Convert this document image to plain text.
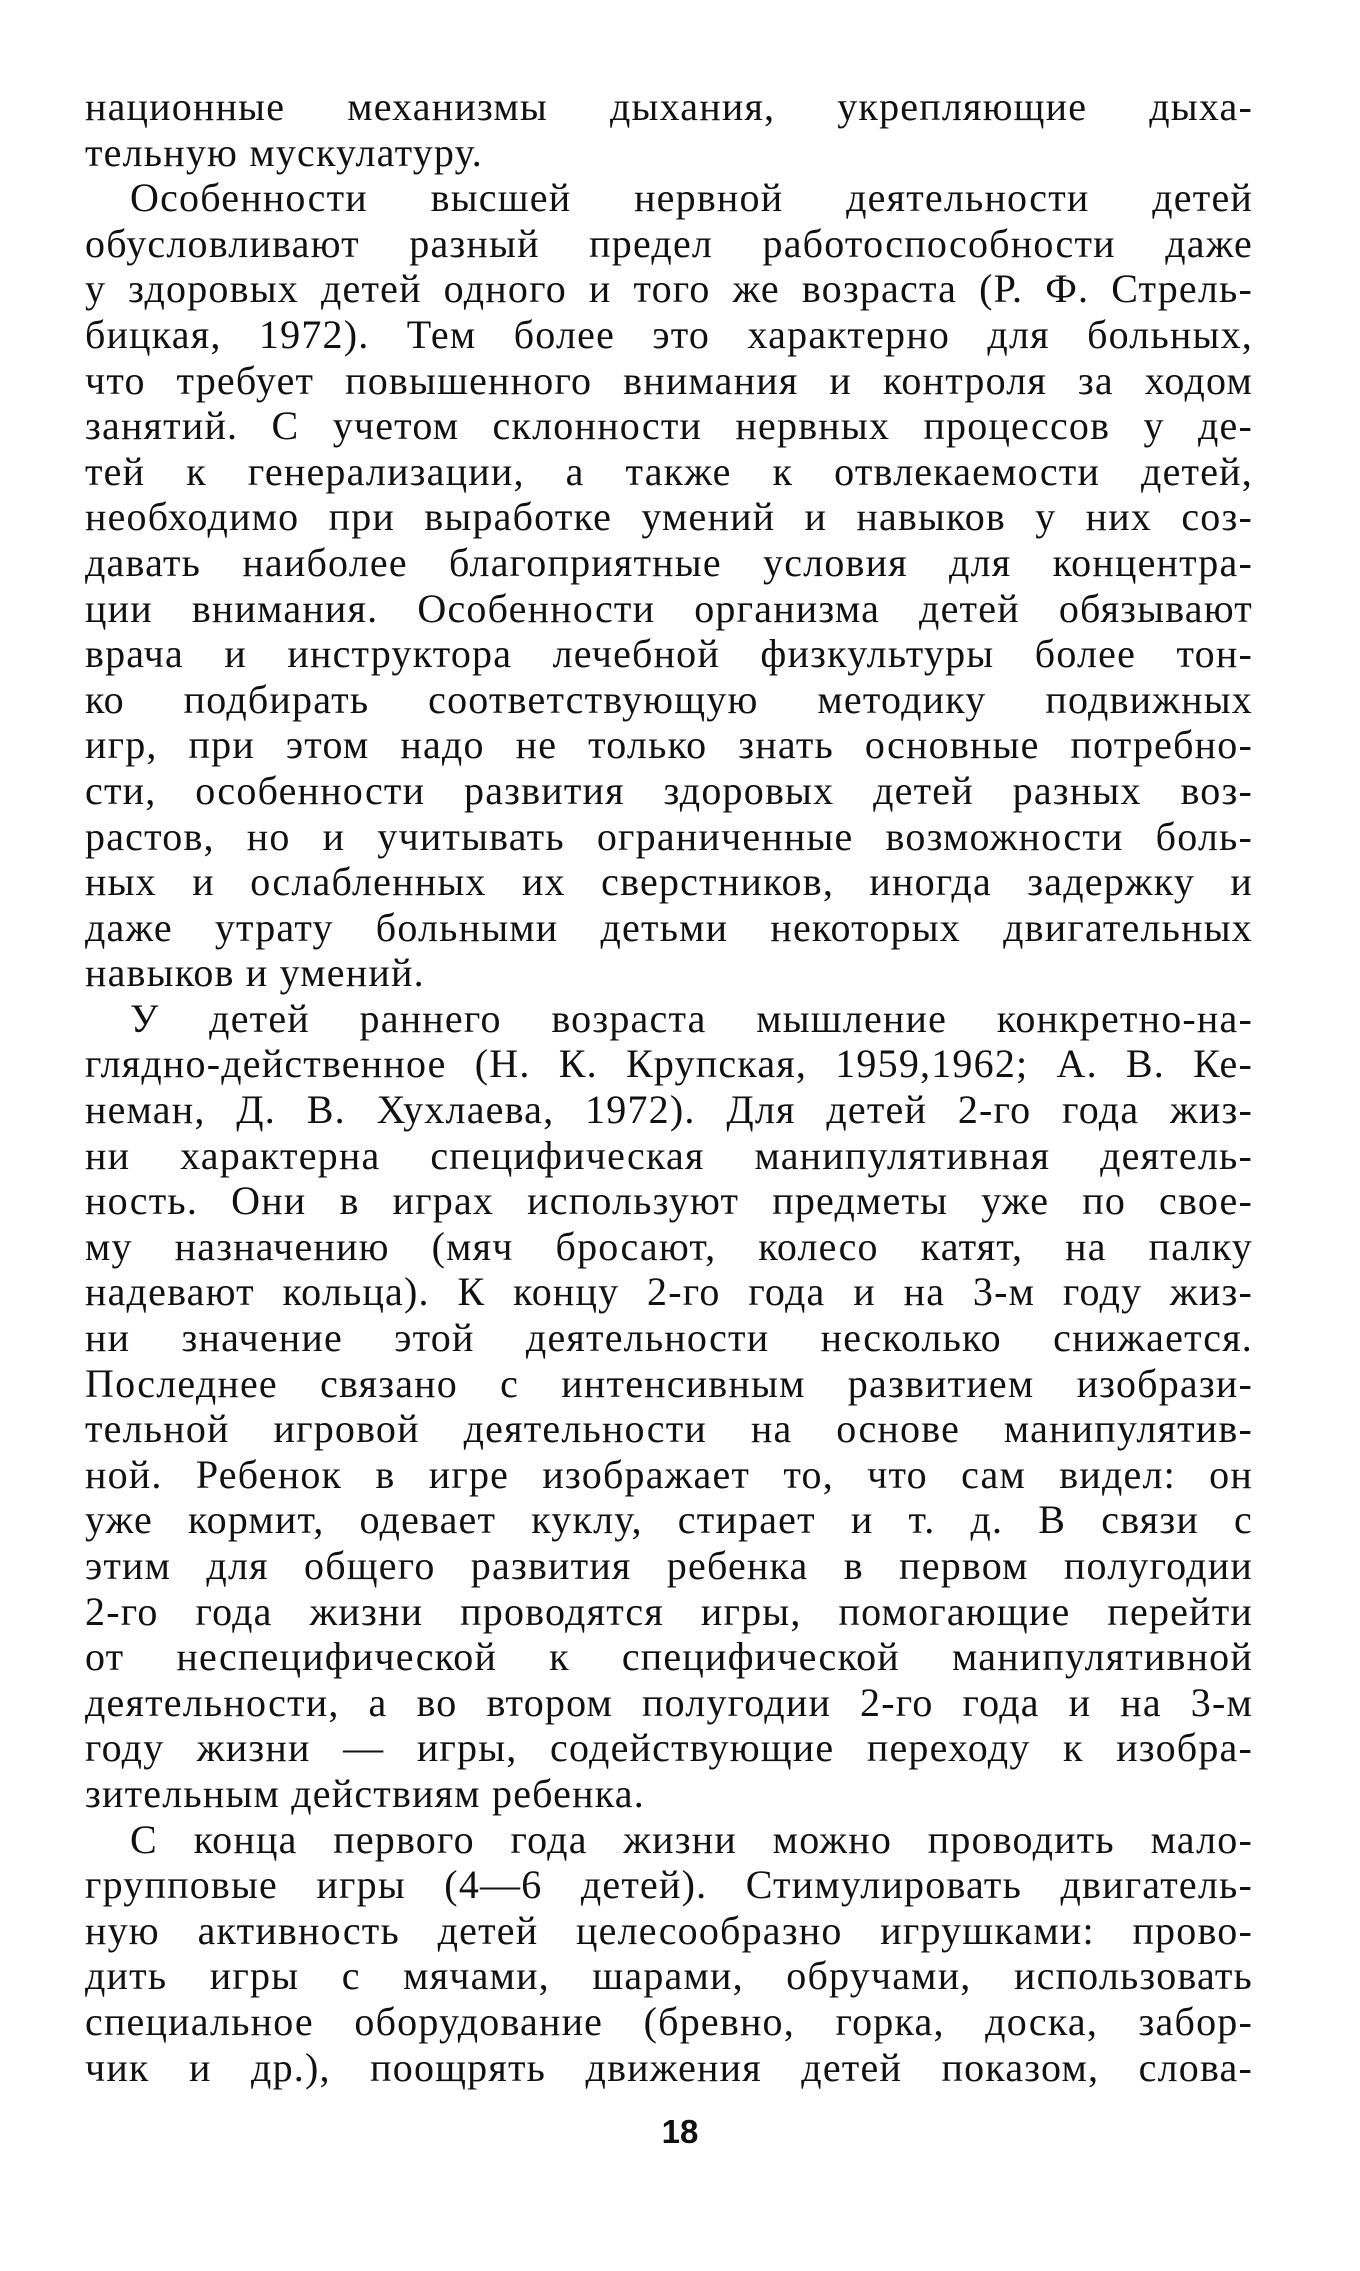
национные механизмы дыхания, укрепляющие дыха-
тельную мускулатуру.
Особенности высшей нервной деятельности детей
обусловливают разный предел работоспособности даже
у здоровых детей одного и того же возраста (Р. Ф. Стрель-
бицкая, 1972). Тем более это характерно для больных,
что требует повышенного внимания и контроля за ходом
занятий. С учетом склонности нервных процессов у де-
тей к генерализации, а также к отвлекаемости детей,
необходимо при выработке умений и навыков у них соз-
давать наиболее благоприятные условия для концентра-
ции внимания. Особенности организма детей обязывают
врача и инструктора лечебной физкультуры более тон-
ко подбирать соответствующую методику подвижных
игр, при этом надо не только знать основные потребно-
сти, особенности развития здоровых детей разных воз-
растов, но и учитывать ограниченные возможности боль-
ных и ослабленных их сверстников, иногда задержку и
даже утрату больными детьми некоторых двигательных
навыков и умений.
У детей раннего возраста мышление конкретно-на-
глядно-действенное (Н. К. Крупская, 1959,1962; А. В. Ке-
неман, Д. В. Хухлаева, 1972). Для детей 2-го года жиз-
ни характерна специфическая манипулятивная деятель-
ность. Они в играх используют предметы уже по свое-
му назначению (мяч бросают, колесо катят, на палку
надевают кольца). К концу 2-го года и на 3-м году жиз-
ни значение этой деятельности несколько снижается.
Последнее связано с интенсивным развитием изобрази-
тельной игровой деятельности на основе манипулятив-
ной. Ребенок в игре изображает то, что сам видел: он
уже кормит, одевает куклу, стирает и т. д. В связи с
этим для общего развития ребенка в первом полугодии
2-го года жизни проводятся игры, помогающие перейти
от неспецифической к специфической манипулятивной
деятельности, а во втором полугодии 2-го года и на 3-м
году жизни — игры, содействующие переходу к изобра-
зительным действиям ребенка.
С конца первого года жизни можно проводить мало-
групповые игры (4—6 детей). Стимулировать двигатель-
ную активность детей целесообразно игрушками: прово-
дить игры с мячами, шарами, обручами, использовать
специальное оборудование (бревно, горка, доска, забор-
чик и др.), поощрять движения детей показом, слова-
18
